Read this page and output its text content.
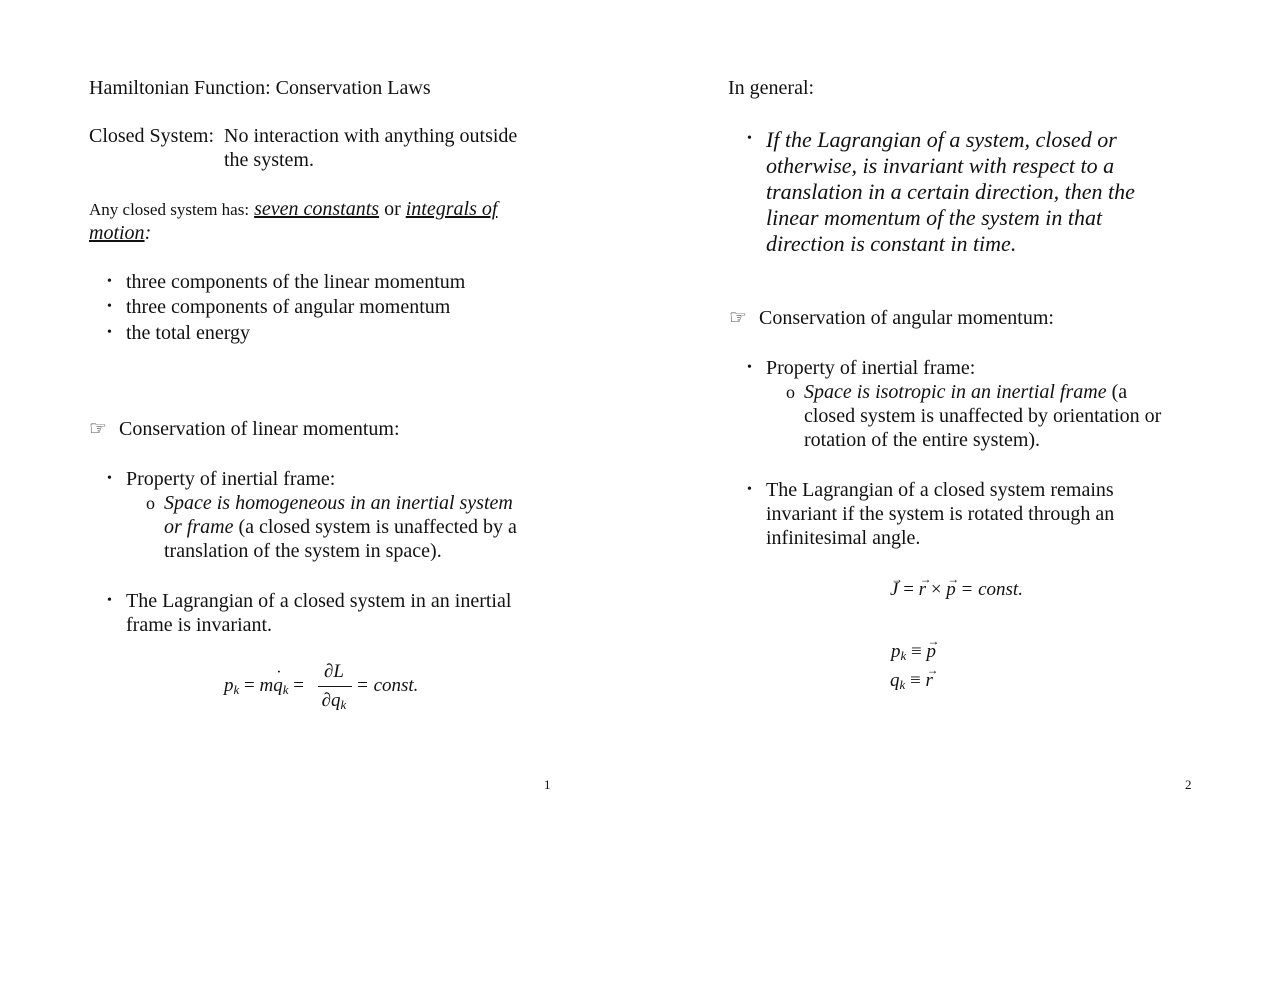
Hamiltonian Function: Conservation Laws
Closed System: No interaction with anything outside
the system.
Any closed system has: seven constants or integrals of
motion:
• three components of the linear momentum
• three components of angular momentum
• the total energy
☞ Conservation of linear momentum:
• Property of inertial frame:
o Space is homogeneous in an inertial system
or frame (a closed system is unaffected by a
translation of the system in space).
• The Lagrangian of a closed system in an inertial
frame is invariant.
$p_k = m\cdot q_k$ =
∂L
$\partial q_k$
= const.
1
In general:
• If the Lagrangian of a system, closed or
otherwise, is invariant with respect to a
translation in a certain direction, then the
linear momentum of the system in that
direction is constant in time.
☞ Conservation of angular momentum:
• Property of inertial frame:
o Space is isotropic in an inertial frame (a
closed system is unaffected by orientation or
rotation of the entire system).
• The Lagrangian of a closed system remains
invariant if the system is rotated through an
infinitesimal angle.
→ J = → r × → p = const.
$p_k$ ≡ → p
$q_k$ ≡ → r
2
